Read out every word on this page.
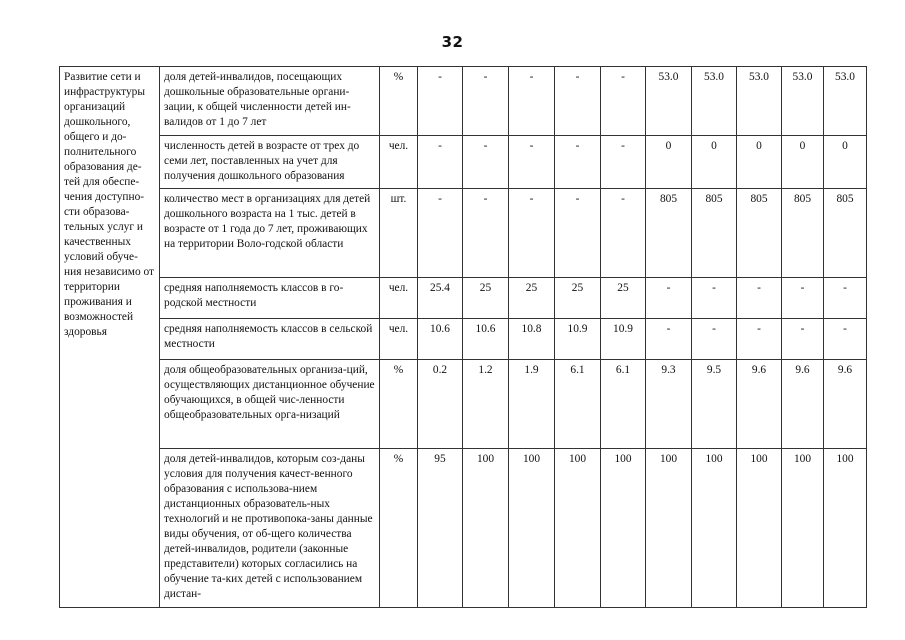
32
Развитие сети и инфраструктуры организаций дошкольного, общего и до-полнительного образования де-тей для обеспе-чения доступно-сти образова-тельных услуг и качественных условий обуче-ния независимо от территории проживания и возможностей здоровья	доля детей-инвалидов, посещающих дошкольные образовательные органи-зации, к общей численности детей ин-валидов от 1 до 7 лет	%	-	-	-	-	-	53.0	53.0	53.0	53.0	53.0
	численность детей в возрасте от трех до семи лет, поставленных на учет для получения дошкольного образования	чел.	-	-	-	-	-	0	0	0	0	0
	количество мест в организациях для детей дошкольного возраста на 1 тыс. детей в возрасте от 1 года до 7 лет, проживающих на территории Воло-годской области	шт.	-	-	-	-	-	805	805	805	805	805
	средняя наполняемость классов в го-родской местности	чел.	25.4	25	25	25	25	-	-	-	-	-
	средняя наполняемость классов в сельской местности	чел.	10.6	10.6	10.8	10.9	10.9	-	-	-	-	-
	доля общеобразовательных организа-ций, осуществляющих дистанционное обучение обучающихся, в общей чис-ленности общеобразовательных орга-низаций	%	0.2	1.2	1.9	6.1	6.1	9.3	9.5	9.6	9.6	9.6
	доля детей-инвалидов, которым соз-даны условия для получения качест-венного образования с использова-нием дистанционных образователь-ных технологий и не противопока-заны данные виды обучения, от об-щего количества детей-инвалидов, родители (законные представители) которых согласились на обучение та-ких детей с использованием дистан-	%	95	100	100	100	100	100	100	100	100	100
